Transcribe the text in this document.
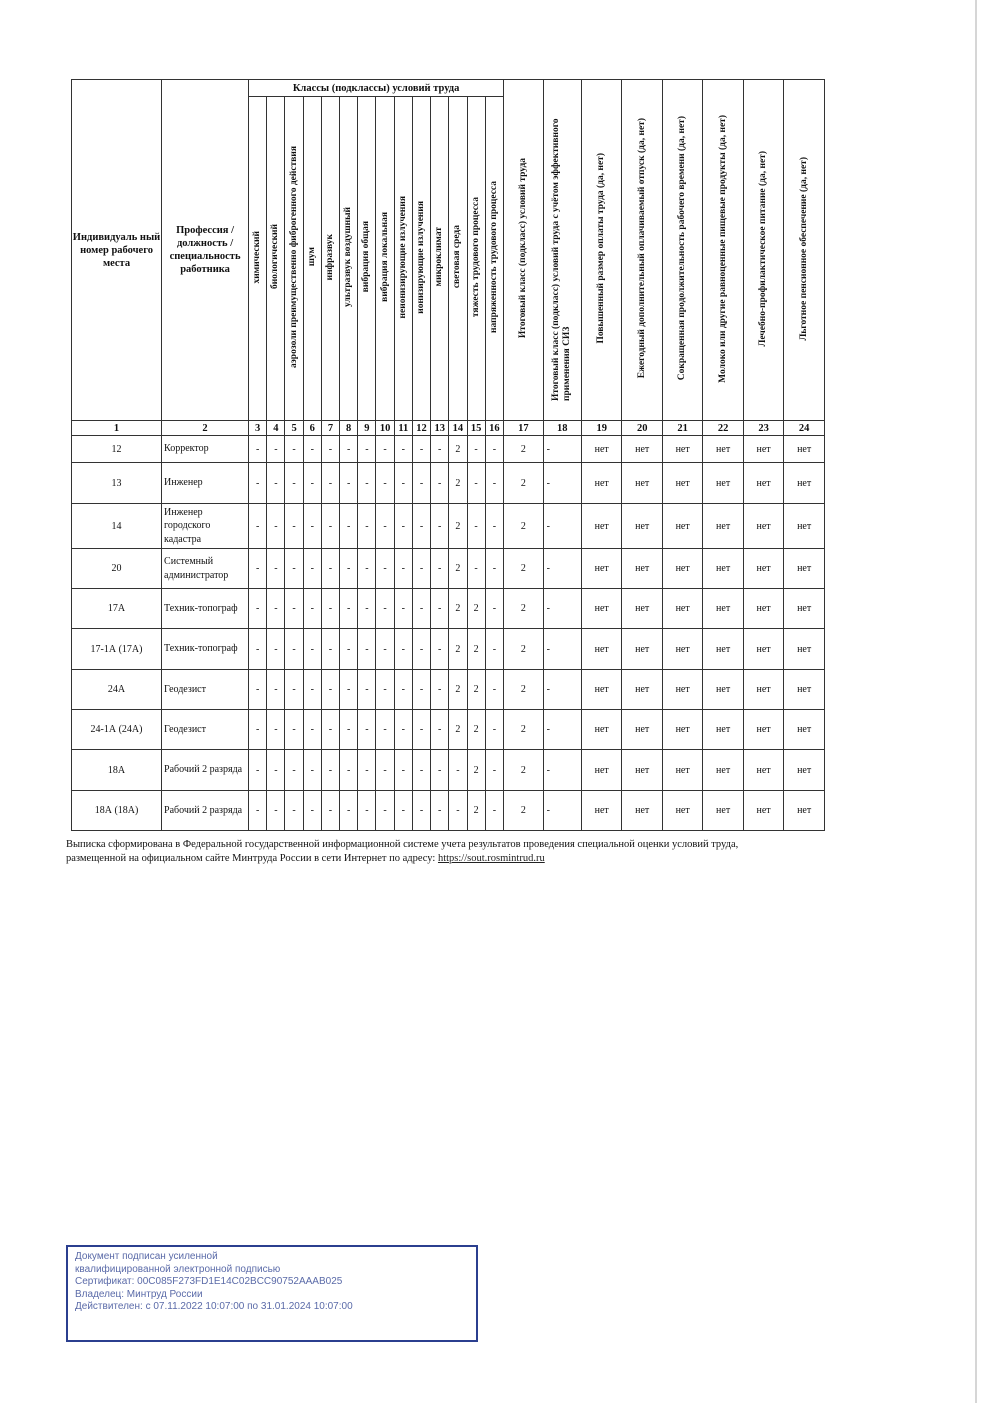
Индивидуаль ный номер рабочего места	Профессия / должность / специальность работника	Классы (подклассы) условий труда														Итоговый класс (подкласс) условий труда	Итоговый класс (подкласс) условий труда с учётом эффективного применения СИЗ	Повышенный размер оплаты труда (да, нет)	Ежегодный дополнительный оплачиваемый отпуск (да, нет)	Сокращенная продолжительность рабочего времени (да, нет)	Молоко или другие равноценные пищевые продукты (да, нет)	Лечебно-профилактическое питание (да, нет)	Льготное пенсионное обеспечение (да, нет)
		химический	биологический	аэрозоли преимущественно фиброгенного действия	шум	инфразвук	ультразвук воздушный	вибрация общая	вибрация локальная	неионизирующие излучения	ионизирующие излучения	микроклимат	световая среда	тяжесть трудового процесса	напряженность трудового процесса								
1	2	3	4	5	6	7	8	9	10	11	12	13	14	15	16	17	18	19	20	21	22	23	24
12	Корректор	-	-	-	-	-	-	-	-	-	-	-	2	-	-	2	-	нет	нет	нет	нет	нет	нет
13	Инженер	-	-	-	-	-	-	-	-	-	-	-	2	-	-	2	-	нет	нет	нет	нет	нет	нет
14	Инженер городского кадастра	-	-	-	-	-	-	-	-	-	-	-	2	-	-	2	-	нет	нет	нет	нет	нет	нет
20	Системный администратор	-	-	-	-	-	-	-	-	-	-	-	2	-	-	2	-	нет	нет	нет	нет	нет	нет
17А	Техник-топограф	-	-	-	-	-	-	-	-	-	-	-	2	2	-	2	-	нет	нет	нет	нет	нет	нет
17-1А (17А)	Техник-топограф	-	-	-	-	-	-	-	-	-	-	-	2	2	-	2	-	нет	нет	нет	нет	нет	нет
24А	Геодезист	-	-	-	-	-	-	-	-	-	-	-	2	2	-	2	-	нет	нет	нет	нет	нет	нет
24-1А (24А)	Геодезист	-	-	-	-	-	-	-	-	-	-	-	2	2	-	2	-	нет	нет	нет	нет	нет	нет
18А	Рабочий 2 разряда	-	-	-	-	-	-	-	-	-	-	-	-	2	-	2	-	нет	нет	нет	нет	нет	нет
18А (18А)	Рабочий 2 разряда	-	-	-	-	-	-	-	-	-	-	-	-	2	-	2	-	нет	нет	нет	нет	нет	нет
Выписка сформирована в Федеральной государственной информационной системе учета результатов проведения специальной оценки условий труда,
размещенной на официальном сайте Минтруда России в сети Интернет по адресу: https://sout.rosmintrud.ru
Документ подписан усиленной
квалифицированной электронной подписью
Сертификат: 00C085F273FD1E14C02BCC90752AAAB025
Владелец: Минтруд России
Действителен: с 07.11.2022 10:07:00 по 31.01.2024 10:07:00
